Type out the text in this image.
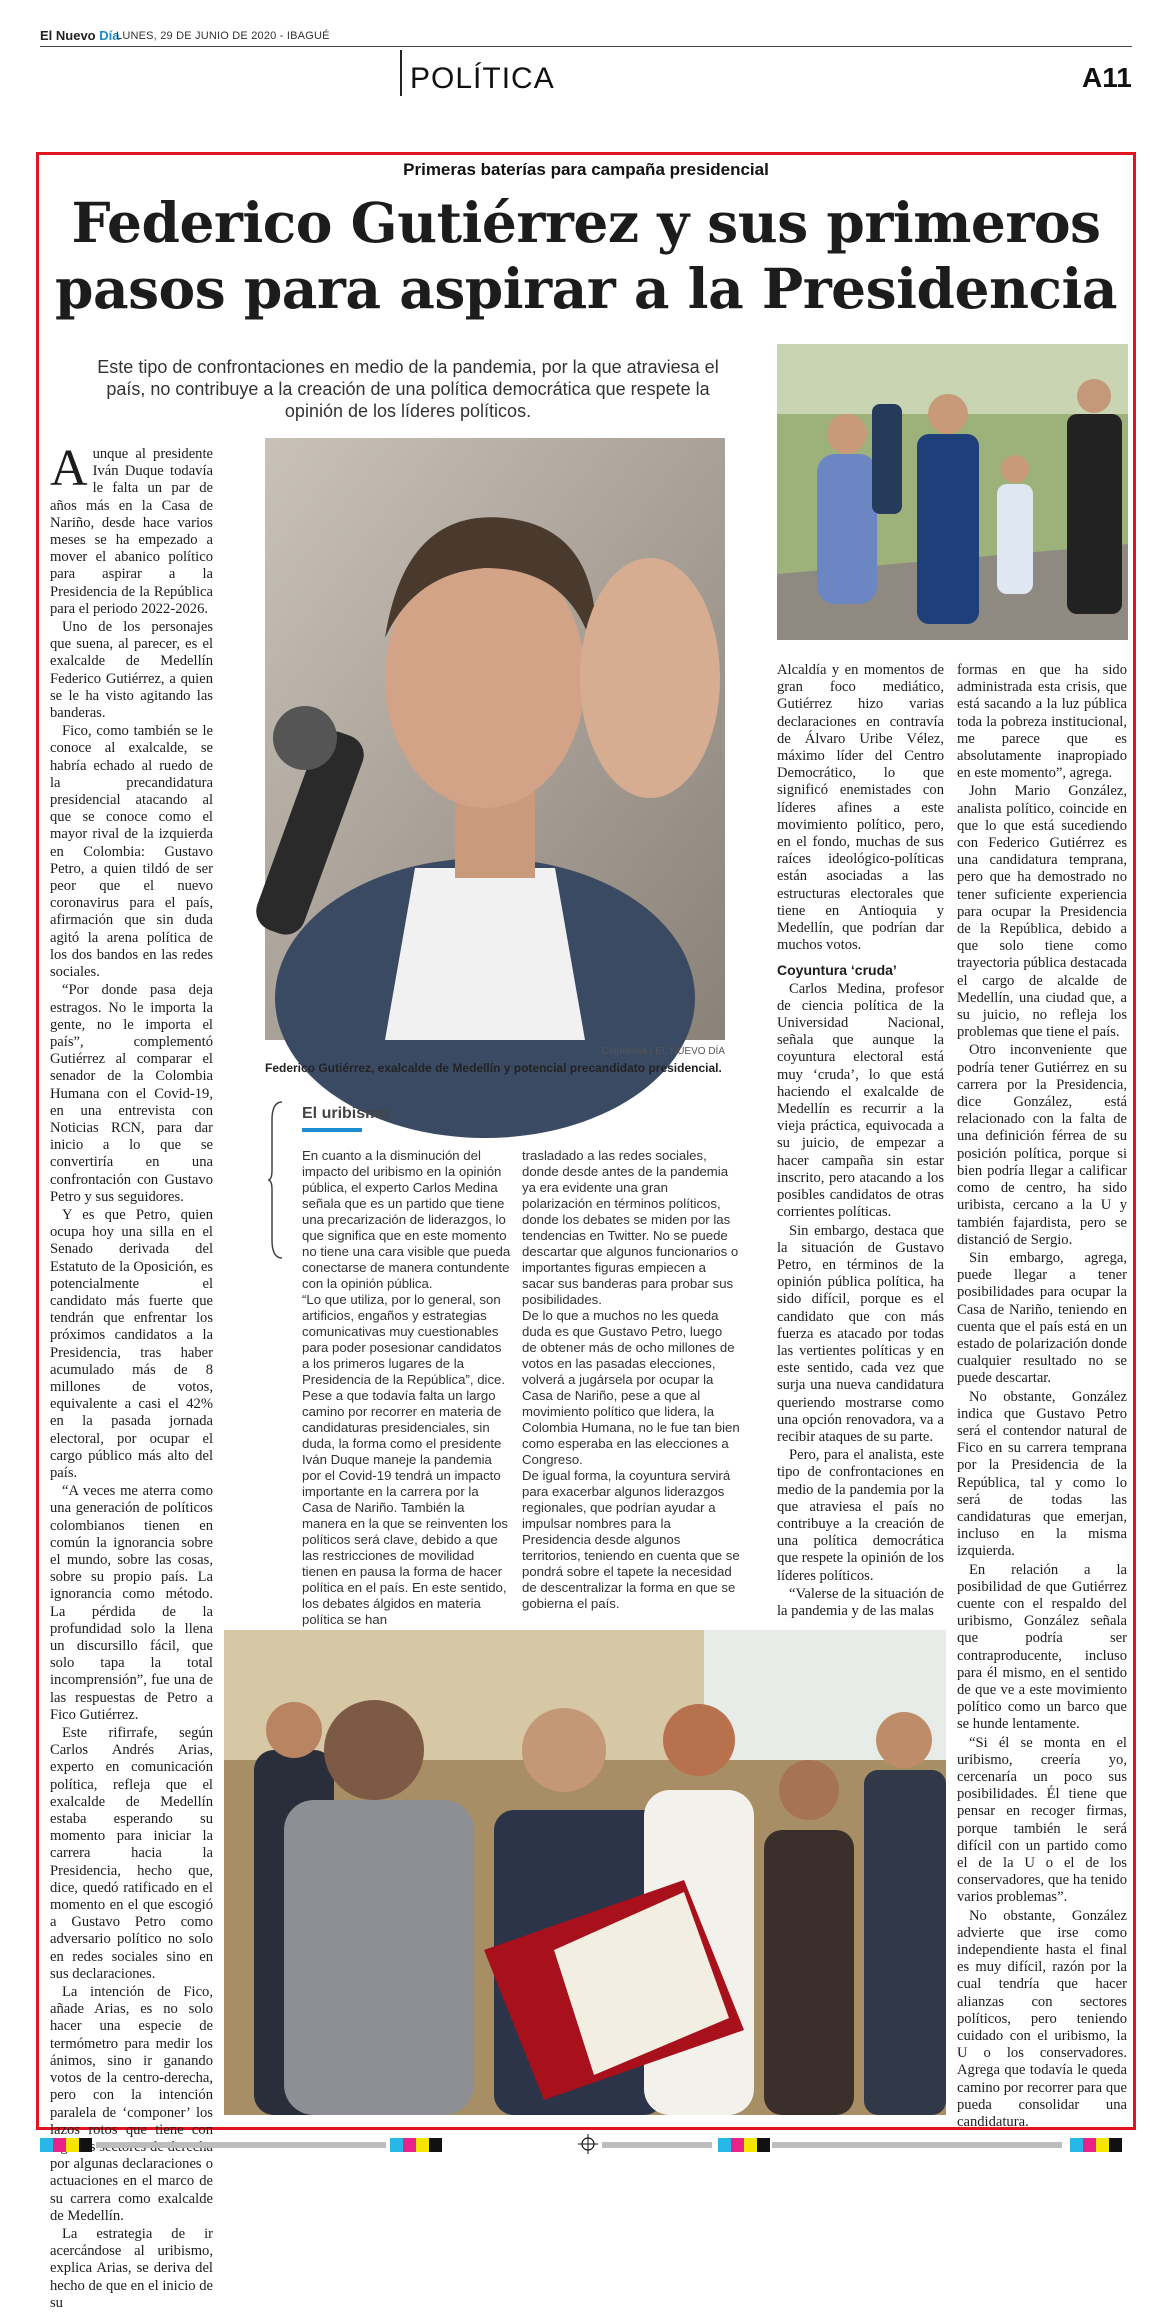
El Nuevo Día
LUNES, 29 DE JUNIO DE 2020 - IBAGUÉ
POLÍTICA	A11
Primeras baterías para campaña presidencial
Federico Gutiérrez y sus primeros
pasos para aspirar a la Presidencia
Este tipo de confrontaciones en medio de la pandemia, por la que atraviesa el país, no contribuye a la creación de una política democrática que respete la opinión de los líderes políticos.

Aunque al presidente Iván Duque todavía le falta un par de años más en la Casa de Nariño, desde hace varios meses se ha empezado a mover el abanico político para aspirar a la Presidencia de la República para el periodo 2022-2026.

Uno de los personajes que suena, al parecer, es el exalcalde de Medellín Federico Gutiérrez, a quien se le ha visto agitando las banderas.

Fico, como también se le conoce al exalcalde, se habría echado al ruedo de la precandidatura presidencial atacando al que se conoce como el mayor rival de la izquierda en Colombia: Gustavo Petro, a quien tildó de ser peor que el nuevo coronavirus para el país, afirmación que sin duda agitó la arena política de los dos bandos en las redes sociales.

“Por donde pasa deja estragos. No le importa la gente, no le importa el país”, complementó Gutiérrez al comparar el senador de la Colombia Humana con el Covid-19, en una entrevista con Noticias RCN, para dar inicio a lo que se convertiría en una confrontación con Gustavo Petro y sus seguidores.

Y es que Petro, quien ocupa hoy una silla en el Senado derivada del Estatuto de la Oposición, es potencialmente el candidato más fuerte que tendrán que enfrentar los próximos candidatos a la Presidencia, tras haber acumulado más de 8 millones de votos, equivalente a casi el 42% en la pasada jornada electoral, por ocupar el cargo público más alto del país.

“A veces me aterra como una generación de políticos colombianos tienen en común la ignorancia sobre el mundo, sobre las cosas, sobre su propio país. La ignorancia como método. La pérdida de la profundidad solo la llena un discursillo fácil, que solo tapa la total incomprensión”, fue una de las respuestas de Petro a Fico Gutiérrez.

Este rifirrafe, según Carlos Andrés Arias, experto en comunicación política, refleja que el exalcalde de Medellín estaba esperando su momento para iniciar la carrera hacia la Presidencia, hecho que, dice, quedó ratificado en el momento en el que escogió a Gustavo Petro como adversario político no solo en redes sociales sino en sus declaraciones.

La intención de Fico, añade Arias, es no solo hacer una especie de termómetro para medir los ánimos, sino ir ganando votos de la centro-derecha, pero con la intención paralela de ‘componer’ los lazos rotos que tiene con por algunas declaraciones o actuaciones en el marco de su carrera como exalcalde de Medellín.

La estrategia de ir acercándose al uribismo, explica Arias, se deriva del hecho de que en el inicio de su

Colprensa / EL NUEVO DÍA
Federico Gutiérrez, exalcalde de Medellín y potencial precandidato presidencial.

Alcaldía y en momentos de gran foco mediático, Gutiérrez hizo varias declaraciones en contravía de Álvaro Uribe Vélez, máximo líder del Centro Democrático, lo que significó enemistades con líderes afines a este movimiento político, pero, en el fondo, muchas de sus raíces ideológico-políticas están asociadas a las estructuras electorales que tiene en Antioquia y Medellín, que podrían dar muchos votos.

Coyuntura ‘cruda’

Carlos Medina, profesor de ciencia política de la Universidad Nacional, señala que aunque la coyuntura electoral está muy ‘cruda’, lo que está haciendo el exalcalde de Medellín es recurrir a la vieja práctica, equivocada a su juicio, de empezar a hacer campaña sin estar inscrito, pero atacando a los posibles candidatos de otras corrientes políticas.

Sin embargo, destaca que la situación de Gustavo Petro, en términos de la opinión pública política, ha sido difícil, porque es el candidato que con más fuerza es atacado por todas las vertientes políticas y en este sentido, cada vez que surja una nueva candidatura queriendo mostrarse como una opción renovadora, va a recibir ataques de su parte.

Pero, para el analista, este tipo de confrontaciones en medio de la pandemia por la que atraviesa el país no contribuye a la creación de una política democrática que respete la opinión de los líderes políticos.

“Valerse de la situación de la pandemia y de las malas

formas en que ha sido administrada esta crisis, que está sacando a la luz pública toda la pobreza institucional, me parece que es absolutamente inapropiado en este momento”, agrega.

John Mario González, analista político, coincide en que lo que está sucediendo con Federico Gutiérrez es una candidatura temprana, pero que ha demostrado no tener suficiente experiencia para ocupar la Presidencia de la República, debido a que solo tiene como trayectoria pública destacada el cargo de alcalde de Medellín, una ciudad que, a su juicio, no refleja los problemas que tiene el país.

Otro inconveniente que podría tener Gutiérrez en su carrera por la Presidencia, dice González, está relacionado con la falta de una definición férrea de su posición política, porque si bien podría llegar a calificar como de centro, ha sido uribista, cercano a la U y también fajardista, pero se distanció de Sergio.

Sin embargo, agrega, puede llegar a tener posibilidades para ocupar la Casa de Nariño, teniendo en cuenta que el país está en un estado de polarización donde cualquier resultado no se puede descartar.

No obstante, González indica que Gustavo Petro será el contendor natural de Fico en su carrera temprana por la Presidencia de la República, tal y como lo será de todas las candidaturas que emerjan, incluso en la misma izquierda.

En relación a la posibilidad de que Gutiérrez cuente con el respaldo del uribismo, González señala que podría ser contraproducente, incluso para él mismo, en el sentido de que ve a este movimiento político como un barco que se hunde lentamente.

“Si él se monta en el uribismo, creería yo, cercenaría un poco sus posibilidades. Él tiene que pensar en recoger firmas, porque también le será difícil con un partido como el de la U o el de los conservadores, que ha tenido varios problemas”.

No obstante, González advierte que irse como independiente hasta el final es muy difícil, razón por la cual tendría que hacer alianzas con sectores políticos, pero teniendo cuidado con el uribismo, la U o los conservadores. Agrega que todavía le queda camino por recorrer para que pueda consolidar una candidatura.

El uribismo

En cuanto a la disminución del impacto del uribismo en la opinión pública, el experto Carlos Medina señala que es un partido que tiene una precarización de liderazgos, lo que significa que en este momento no tiene una cara visible que pueda conectarse de manera contundente con la opinión pública.

“Lo que utiliza, por lo general, son artificios, engaños y estrategias comunicativas muy cuestionables para poder posesionar candidatos a los primeros lugares de la Presidencia de la República”, dice.

Pese a que todavía falta un largo camino por recorrer en materia de candidaturas presidenciales, sin duda, la forma como el presidente Iván Duque maneje la pandemia por el Covid-19 tendrá un impacto importante en la carrera por la Casa de Nariño. También la manera en la que se reinventen los políticos será clave, debido a que las restricciones de movilidad tienen en pausa la forma de hacer política en el país. En este sentido, los debates álgidos en materia política se han

trasladado a las redes sociales, donde desde antes de la pandemia ya era evidente una gran polarización en términos políticos, donde los debates se miden por las tendencias en Twitter. No se puede descartar que algunos funcionarios o importantes figuras empiecen a sacar sus banderas para probar sus posibilidades.

De lo que a muchos no les queda duda es que Gustavo Petro, luego de obtener más de ocho millones de votos en las pasadas elecciones, volverá a jugársela por ocupar la Casa de Nariño, pese a que al movimiento político que lidera, la Colombia Humana, no le fue tan bien como esperaba en las elecciones a Congreso.

De igual forma, la coyuntura servirá para exacerbar algunos liderazgos regionales, que podrían ayudar a impulsar nombres para la Presidencia desde algunos territorios, teniendo en cuenta que se pondrá sobre el tapete la necesidad de descentralizar la forma en que se gobierna el país.
